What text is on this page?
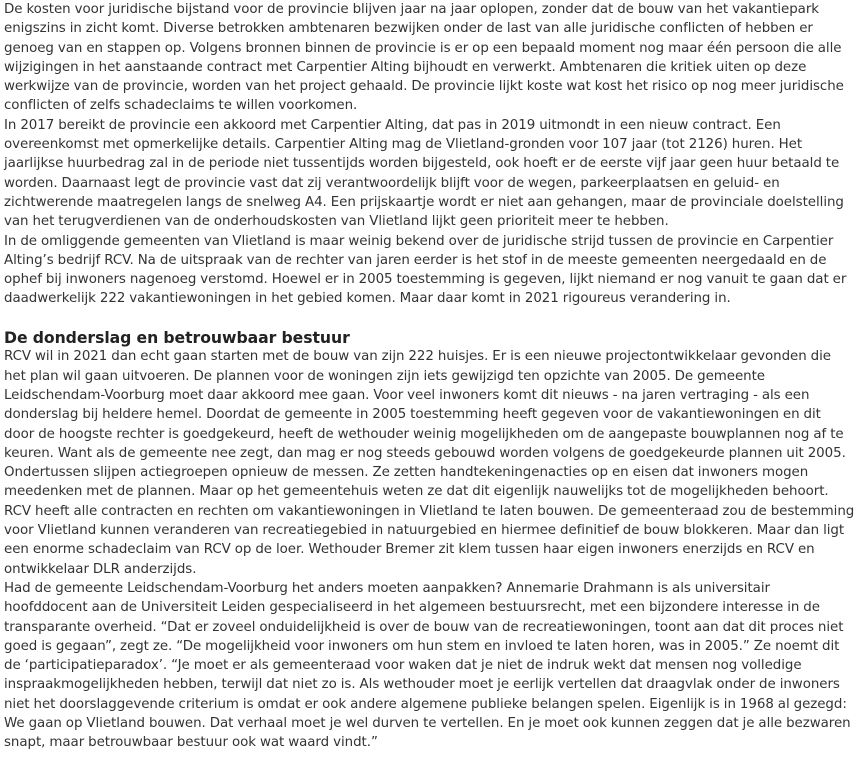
De kosten voor juridische bijstand voor de provincie blijven jaar na jaar oplopen, zonder dat de bouw van het vakantiepark enigszins in zicht komt. Diverse betrokken ambtenaren bezwijken onder de last van alle juridische conflicten of hebben er genoeg van en stappen op. Volgens bronnen binnen de provincie is er op een bepaald moment nog maar één persoon die alle wijzigingen in het aanstaande contract met Carpentier Alting bijhoudt en verwerkt. Ambtenaren die kritiek uiten op deze werkwijze van de provincie, worden van het project gehaald. De provincie lijkt koste wat kost het risico op nog meer juridische conflicten of zelfs schadeclaims te willen voorkomen.

In 2017 bereikt de provincie een akkoord met Carpentier Alting, dat pas in 2019 uitmondt in een nieuw contract. Een overeenkomst met opmerkelijke details. Carpentier Alting mag de Vlietland-gronden voor 107 jaar (tot 2126) huren. Het jaarlijkse huurbedrag zal in de periode niet tussentijds worden bijgesteld, ook hoeft er de eerste vijf jaar geen huur betaald te worden. Daarnaast legt de provincie vast dat zij verantwoordelijk blijft voor de wegen, parkeerplaatsen en geluid- en zichtwerende maatregelen langs de snelweg A4. Een prijskaartje wordt er niet aan gehangen, maar de provinciale doelstelling van het terugverdienen van de onderhoudskosten van Vlietland lijkt geen prioriteit meer te hebben.

In de omliggende gemeenten van Vlietland is maar weinig bekend over de juridische strijd tussen de provincie en Carpentier Alting’s bedrijf RCV. Na de uitspraak van de rechter van jaren eerder is het stof in de meeste gemeenten neergedaald en de ophef bij inwoners nagenoeg verstomd. Hoewel er in 2005 toestemming is gegeven, lijkt niemand er nog vanuit te gaan dat er daadwerkelijk 222 vakantiewoningen in het gebied komen. Maar daar komt in 2021 rigoureus verandering in.

De donderslag en betrouwbaar bestuur

RCV wil in 2021 dan echt gaan starten met de bouw van zijn 222 huisjes. Er is een nieuwe projectontwikkelaar gevonden die het plan wil gaan uitvoeren. De plannen voor de woningen zijn iets gewijzigd ten opzichte van 2005. De gemeente Leidschendam-Voorburg moet daar akkoord mee gaan. Voor veel inwoners komt dit nieuws - na jaren vertraging - als een donderslag bij heldere hemel. Doordat de gemeente in 2005 toestemming heeft gegeven voor de vakantiewoningen en dit door de hoogste rechter is goedgekeurd, heeft de wethouder weinig mogelijkheden om de aangepaste bouwplannen nog af te keuren. Want als de gemeente nee zegt, dan mag er nog steeds gebouwd worden volgens de goedgekeurde plannen uit 2005.

Ondertussen slijpen actiegroepen opnieuw de messen. Ze zetten handtekeningenacties op en eisen dat inwoners mogen meedenken met de plannen. Maar op het gemeentehuis weten ze dat dit eigenlijk nauwelijks tot de mogelijkheden behoort. RCV heeft alle contracten en rechten om vakantiewoningen in Vlietland te laten bouwen. De gemeenteraad zou de bestemming voor Vlietland kunnen veranderen van recreatiegebied in natuurgebied en hiermee definitief de bouw blokkeren. Maar dan ligt een enorme schadeclaim van RCV op de loer. Wethouder Bremer zit klem tussen haar eigen inwoners enerzijds en RCV en ontwikkelaar DLR anderzijds.

Had de gemeente Leidschendam-Voorburg het anders moeten aanpakken? Annemarie Drahmann is als universitair hoofddocent aan de Universiteit Leiden gespecialiseerd in het algemeen bestuursrecht, met een bijzondere interesse in de transparante overheid. “Dat er zoveel onduidelijkheid is over de bouw van de recreatiewoningen, toont aan dat dit proces niet goed is gegaan”, zegt ze. “De mogelijkheid voor inwoners om hun stem en invloed te laten horen, was in 2005.” Ze noemt dit de ‘participatieparadox’. “Je moet er als gemeenteraad voor waken dat je niet de indruk wekt dat mensen nog volledige inspraakmogelijkheden hebben, terwijl dat niet zo is. Als wethouder moet je eerlijk vertellen dat draagvlak onder de inwoners niet het doorslaggevende criterium is omdat er ook andere algemene publieke belangen spelen. Eigenlijk is in 1968 al gezegd: We gaan op Vlietland bouwen. Dat verhaal moet je wel durven te vertellen. En je moet ook kunnen zeggen dat je alle bezwaren snapt, maar betrouwbaar bestuur ook wat waard vindt.”
